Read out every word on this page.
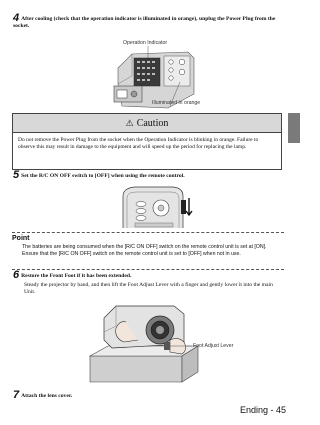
4 After cooling (check that the operation indicator is illuminated in orange), unplug the Power Plug from the socket.
Operation Indicator
Illuminated in orange
⚠ Caution
Do not remove the Power Plug from the socket when the Operation Indicator is blinking in orange. Failure to observe this may result in damage to the equipment and will speed up the period for replacing the lamp.
5 Set the R/C ON OFF switch to [OFF] when using the remote control.
Point
The batteries are being consumed when the [R/C ON OFF] switch on the remote control unit is set at [ON]. Ensure that the [R/C ON OFF] switch on the remote control unit is set to [OFF] when not in use.
6 Restore the Front Foot if it has been extended.
Steady the projector by hand, and then lift the Foot Adjust Lever with a finger and gently lower it into the main Unit.
Foot Adjust Lever
7 Attach the lens cover.
Ending - 45
